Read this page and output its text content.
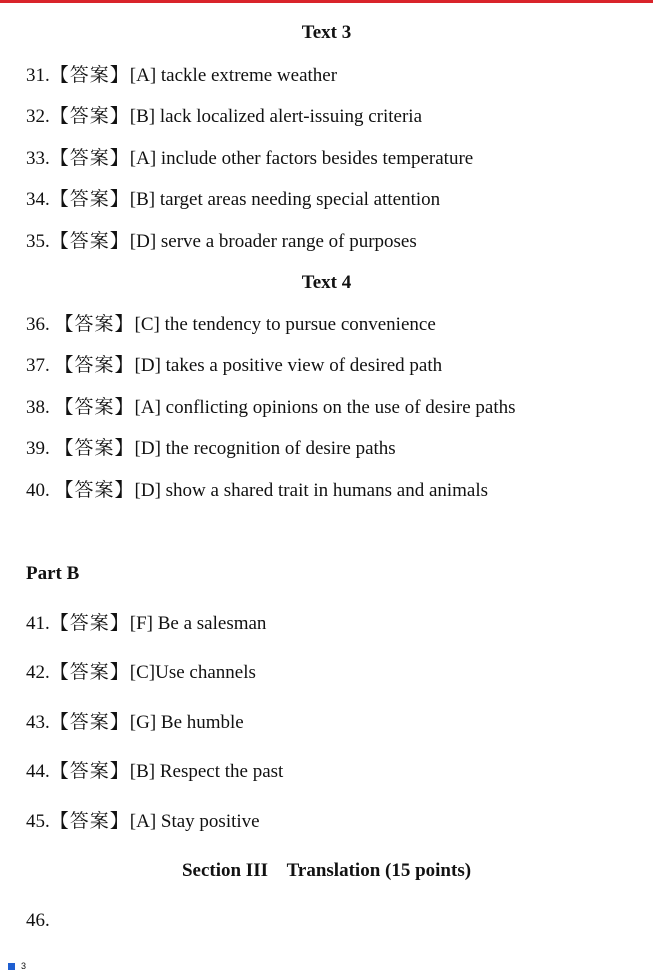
Text 3
31.【答案】[A] tackle extreme weather
32.【答案】[B] lack localized alert-issuing criteria
33.【答案】[A] include other factors besides temperature
34.【答案】[B] target areas needing special attention
35.【答案】[D] serve a broader range of purposes
Text 4
36. 【答案】[C] the tendency to pursue convenience
37. 【答案】[D] takes a positive view of desired path
38. 【答案】[A] conflicting opinions on the use of desire paths
39. 【答案】[D] the recognition of desire paths
40. 【答案】[D] show a shared trait in humans and animals
Part B
41.【答案】[F] Be a salesman
42.【答案】[C]Use channels
43.【答案】[G] Be humble
44.【答案】[B] Respect the past
45.【答案】[A] Stay positive
Section III    Translation (15 points)
46.
3
